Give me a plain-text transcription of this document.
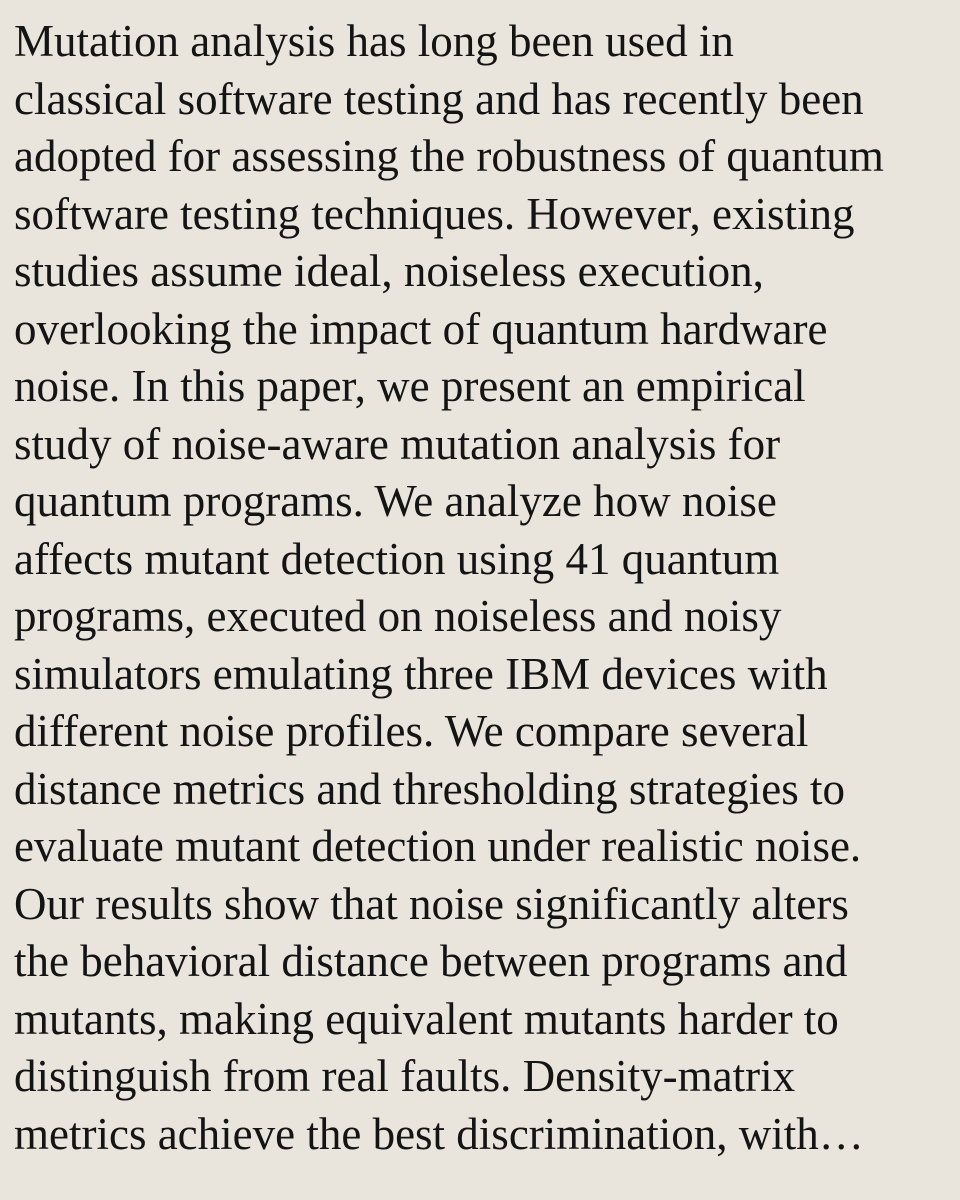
Mutation analysis has long been used in
classical software testing and has recently been
adopted for assessing the robustness of quantum
software testing techniques. However, existing
studies assume ideal, noiseless execution,
overlooking the impact of quantum hardware
noise. In this paper, we present an empirical
study of noise-aware mutation analysis for
quantum programs. We analyze how noise
affects mutant detection using 41 quantum
programs, executed on noiseless and noisy
simulators emulating three IBM devices with
different noise profiles. We compare several
distance metrics and thresholding strategies to
evaluate mutant detection under realistic noise.
Our results show that noise significantly alters
the behavioral distance between programs and
mutants, making equivalent mutants harder to
distinguish from real faults. Density-matrix
metrics achieve the best discrimination, with…
